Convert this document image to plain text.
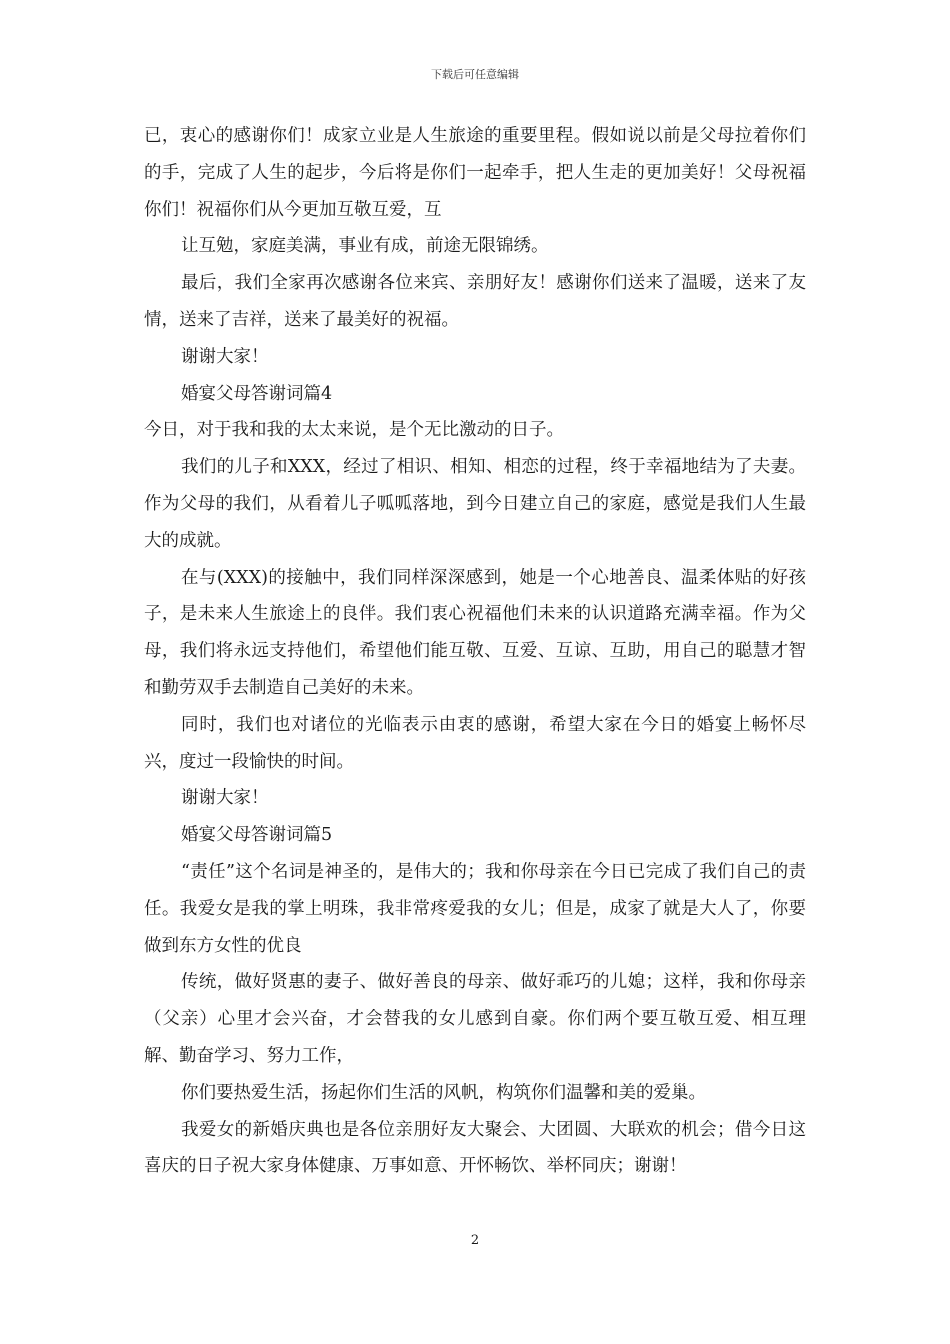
下载后可任意编辑

已，衷心的感谢你们！成家立业是人生旅途的重要里程。假如说以前是父母拉着你们的手，完成了人生的起步，今后将是你们一起牵手，把人生走的更加美好！父母祝福你们！祝福你们从今更加互敬互爱，互

让互勉，家庭美满，事业有成，前途无限锦绣。

最后，我们全家再次感谢各位来宾、亲朋好友！感谢你们送来了温暖，送来了友情，送来了吉祥，送来了最美好的祝福。

谢谢大家！

婚宴父母答谢词篇4

今日，对于我和我的太太来说，是个无比激动的日子。

我们的儿子和XXX，经过了相识、相知、相恋的过程，终于幸福地结为了夫妻。作为父母的我们，从看着儿子呱呱落地，到今日建立自己的家庭，感觉是我们人生最大的成就。

在与(XXX)的接触中，我们同样深深感到，她是一个心地善良、温柔体贴的好孩子，是未来人生旅途上的良伴。我们衷心祝福他们未来的认识道路充满幸福。作为父母，我们将永远支持他们，希望他们能互敬、互爱、互谅、互助，用自己的聪慧才智和勤劳双手去制造自己美好的未来。

同时，我们也对诸位的光临表示由衷的感谢，希望大家在今日的婚宴上畅怀尽兴，度过一段愉快的时间。

谢谢大家！

婚宴父母答谢词篇5

“责任”这个名词是神圣的，是伟大的；我和你母亲在今日已完成了我们自己的责任。我爱女是我的掌上明珠，我非常疼爱我的女儿；但是，成家了就是大人了，你要做到东方女性的优良

传统，做好贤惠的妻子、做好善良的母亲、做好乖巧的儿媳；这样，我和你母亲（父亲）心里才会兴奋，才会替我的女儿感到自豪。你们两个要互敬互爱、相互理解、勤奋学习、努力工作，

你们要热爱生活，扬起你们生活的风帆，构筑你们温馨和美的爱巢。

我爱女的新婚庆典也是各位亲朋好友大聚会、大团圆、大联欢的机会；借今日这喜庆的日子祝大家身体健康、万事如意、开怀畅饮、举杯同庆；谢谢！

2
